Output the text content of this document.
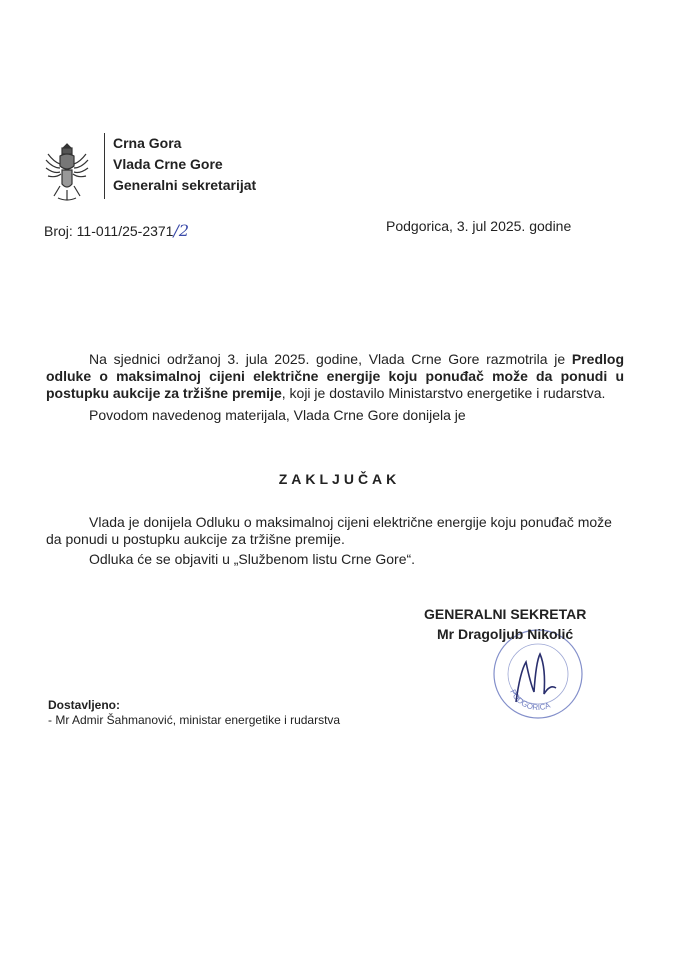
Crna Gora
Vlada Crne Gore
Generalni sekretarijat
Broj: 11-011/25-2371/2	Podgorica, 3. jul 2025. godine
Na sjednici održanoj 3. jula 2025. godine, Vlada Crne Gore razmotrila je Predlog odluke o maksimalnoj cijeni električne energije koju ponuđač može da ponudi u postupku aukcije za tržišne premije, koji je dostavilo Ministarstvo energetike i rudarstva.
Povodom navedenog materijala, Vlada Crne Gore donijela je
ZAKLJUČAK
Vlada je donijela Odluku o maksimalnoj cijeni električne energije koju ponuđač može da ponudi u postupku aukcije za tržišne premije.
Odluka će se objaviti u „Službenom listu Crne Gore“.
PODGORICA
GENERALNI SEKRETAR
Mr Dragoljub Nikolić
Dostavljeno:
- Mr Admir Šahmanović, ministar energetike i rudarstva
